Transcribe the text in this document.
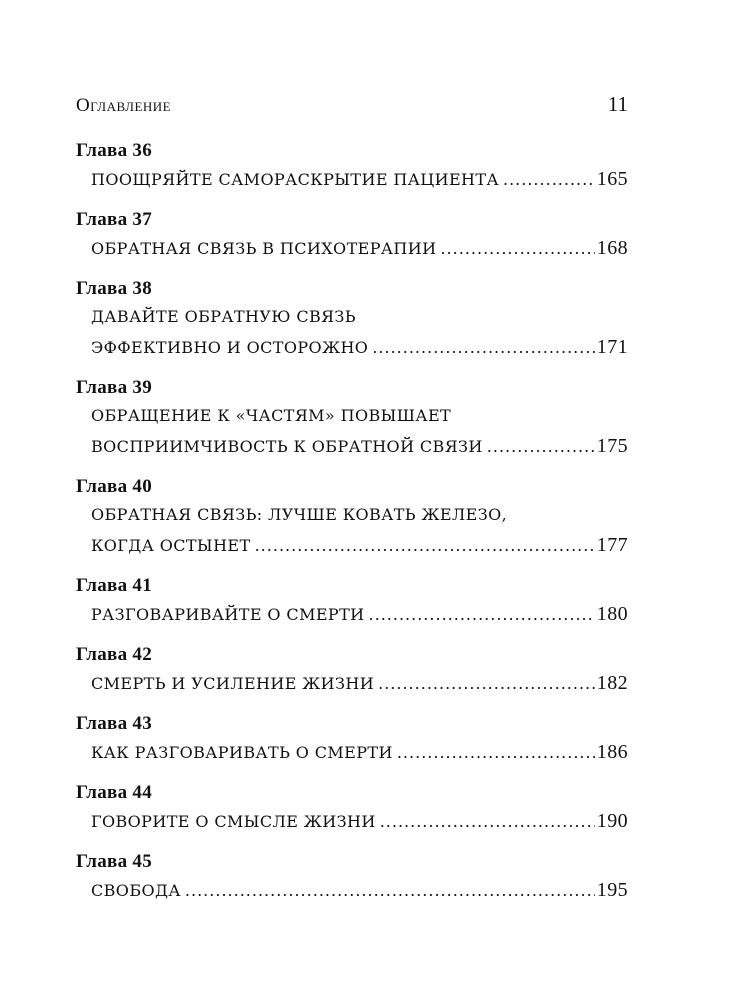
Оглавление	11
Глава 36
ПООЩРЯЙТЕ САМОРАСКРЫТИЕ ПАЦИЕНТА .....	165
Глава 37
ОБРАТНАЯ СВЯЗЬ В ПСИХОТЕРАПИИ .....	168
Глава 38
ДАВАЙТЕ ОБРАТНУЮ СВЯЗЬ
ЭФФЕКТИВНО И ОСТОРОЖНО .....	171
Глава 39
ОБРАЩЕНИЕ К «ЧАСТЯМ» ПОВЫШАЕТ
ВОСПРИИМЧИВОСТЬ К ОБРАТНОЙ СВЯЗИ .....	175
Глава 40
ОБРАТНАЯ СВЯЗЬ: ЛУЧШЕ КОВАТЬ ЖЕЛЕЗО,
КОГДА ОСТЫНЕТ .....	177
Глава 41
РАЗГОВАРИВАЙТЕ О СМЕРТИ .....	180
Глава 42
СМЕРТЬ И УСИЛЕНИЕ ЖИЗНИ .....	182
Глава 43
КАК РАЗГОВАРИВАТЬ О СМЕРТИ .....	186
Глава 44
ГОВОРИТЕ О СМЫСЛЕ ЖИЗНИ .....	190
Глава 45
СВОБОДА .....	195
